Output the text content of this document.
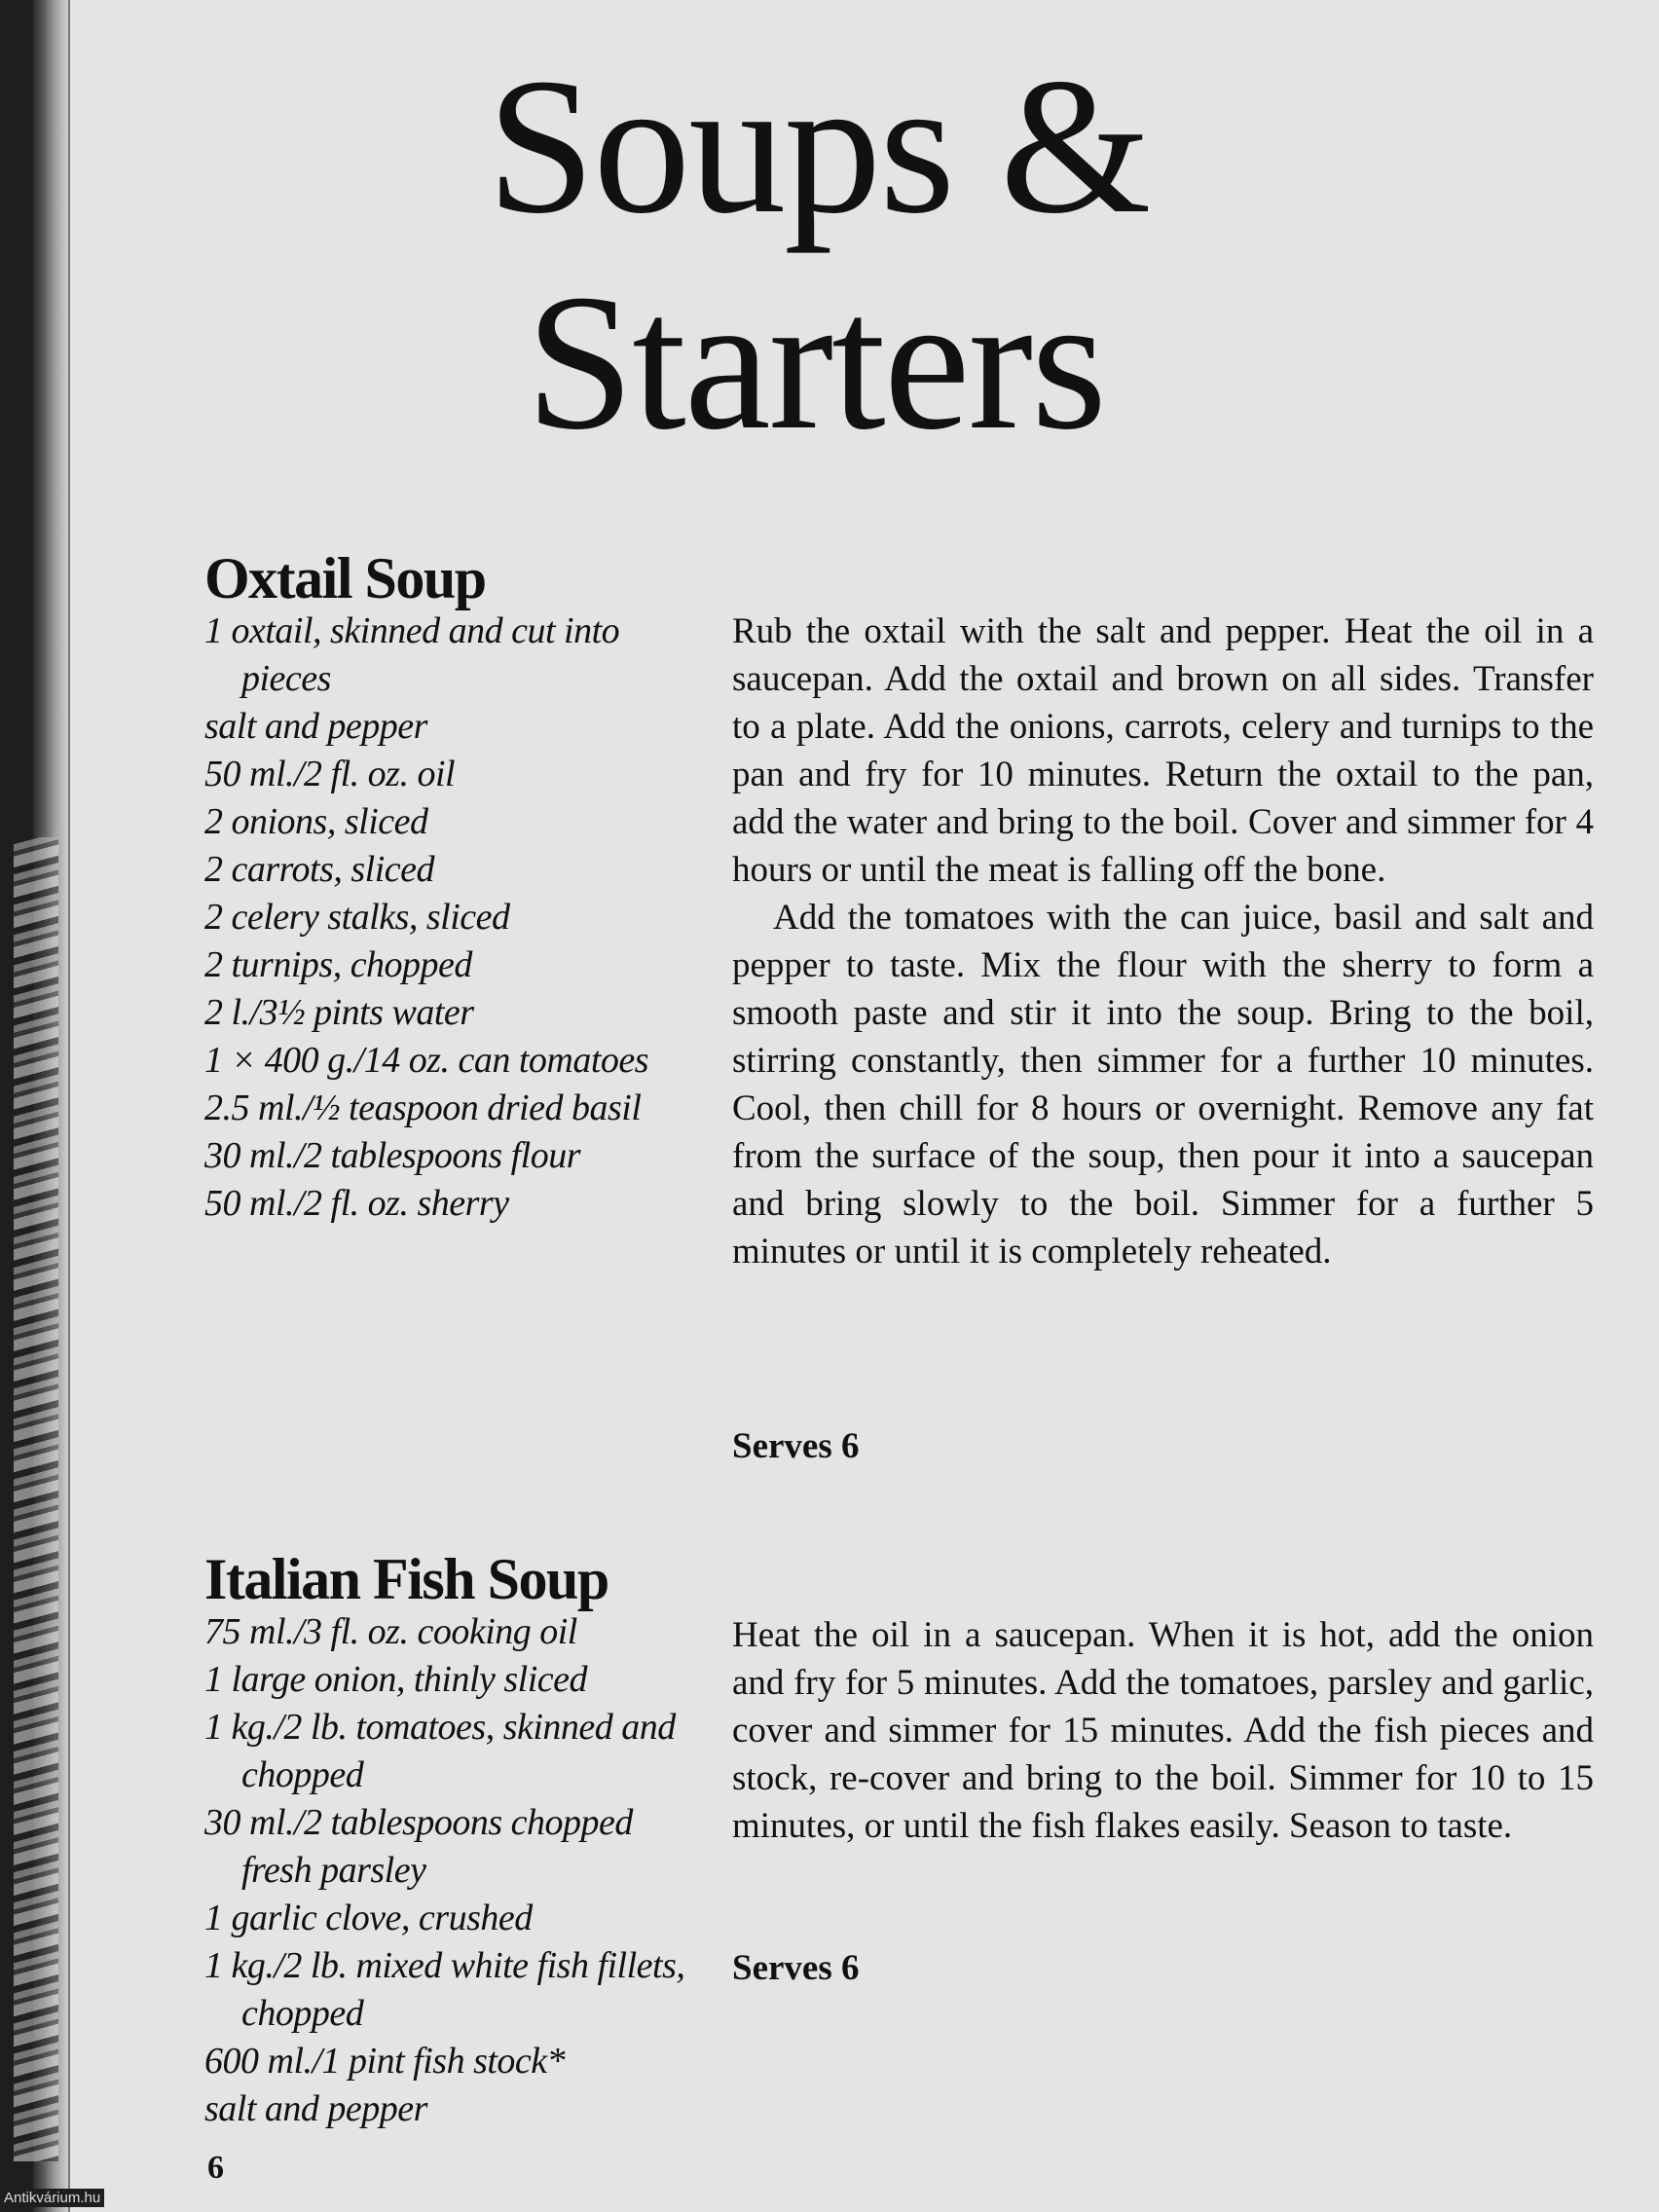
Soups &
Starters
Oxtail Soup
1 oxtail, skinned and cut into pieces
salt and pepper
50 ml./2 fl. oz. oil
2 onions, sliced
2 carrots, sliced
2 celery stalks, sliced
2 turnips, chopped
2 l./3½ pints water
1 × 400 g./14 oz. can tomatoes
2.5 ml./½ teaspoon dried basil
30 ml./2 tablespoons flour
50 ml./2 fl. oz. sherry

Rub the oxtail with the salt and pepper. Heat the oil in a saucepan. Add the oxtail and brown on all sides. Transfer to a plate. Add the onions, carrots, celery and turnips to the pan and fry for 10 minutes. Return the oxtail to the pan, add the water and bring to the boil. Cover and simmer for 4 hours or until the meat is falling off the bone.

Add the tomatoes with the can juice, basil and salt and pepper to taste. Mix the flour with the sherry to form a smooth paste and stir it into the soup. Bring to the boil, stirring constantly, then simmer for a further 10 minutes. Cool, then chill for 8 hours or overnight. Remove any fat from the surface of the soup, then pour it into a saucepan and bring slowly to the boil. Simmer for a further 5 minutes or until it is completely reheated.

Serves 6
Italian Fish Soup
75 ml./3 fl. oz. cooking oil
1 large onion, thinly sliced
1 kg./2 lb. tomatoes, skinned and chopped
30 ml./2 tablespoons chopped fresh parsley
1 garlic clove, crushed
1 kg./2 lb. mixed white fish fillets, chopped
600 ml./1 pint fish stock*
salt and pepper

Heat the oil in a saucepan. When it is hot, add the onion and fry for 5 minutes. Add the tomatoes, parsley and garlic, cover and simmer for 15 minutes. Add the fish pieces and stock, re-cover and bring to the boil. Simmer for 10 to 15 minutes, or until the fish flakes easily. Season to taste.

Serves 6
6
Antikvárium.hu
